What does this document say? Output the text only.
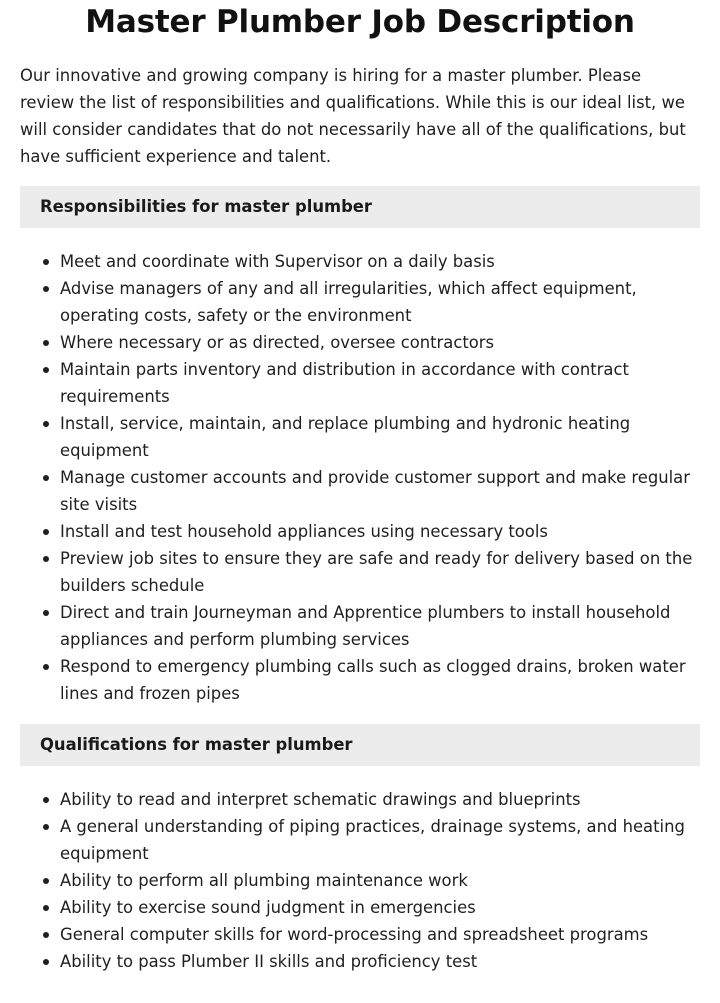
Master Plumber Job Description

Our innovative and growing company is hiring for a master plumber. Please review the list of responsibilities and qualifications. While this is our ideal list, we will consider candidates that do not necessarily have all of the qualifications, but have sufficient experience and talent.

Responsibilities for master plumber
Meet and coordinate with Supervisor on a daily basis
Advise managers of any and all irregularities, which affect equipment, operating costs, safety or the environment
Where necessary or as directed, oversee contractors
Maintain parts inventory and distribution in accordance with contract requirements
Install, service, maintain, and replace plumbing and hydronic heating equipment
Manage customer accounts and provide customer support and make regular site visits
Install and test household appliances using necessary tools
Preview job sites to ensure they are safe and ready for delivery based on the builders schedule
Direct and train Journeyman and Apprentice plumbers to install household appliances and perform plumbing services
Respond to emergency plumbing calls such as clogged drains, broken water lines and frozen pipes
Qualifications for master plumber
Ability to read and interpret schematic drawings and blueprints
A general understanding of piping practices, drainage systems, and heating equipment
Ability to perform all plumbing maintenance work
Ability to exercise sound judgment in emergencies
General computer skills for word-processing and spreadsheet programs
Ability to pass Plumber II skills and proficiency test
